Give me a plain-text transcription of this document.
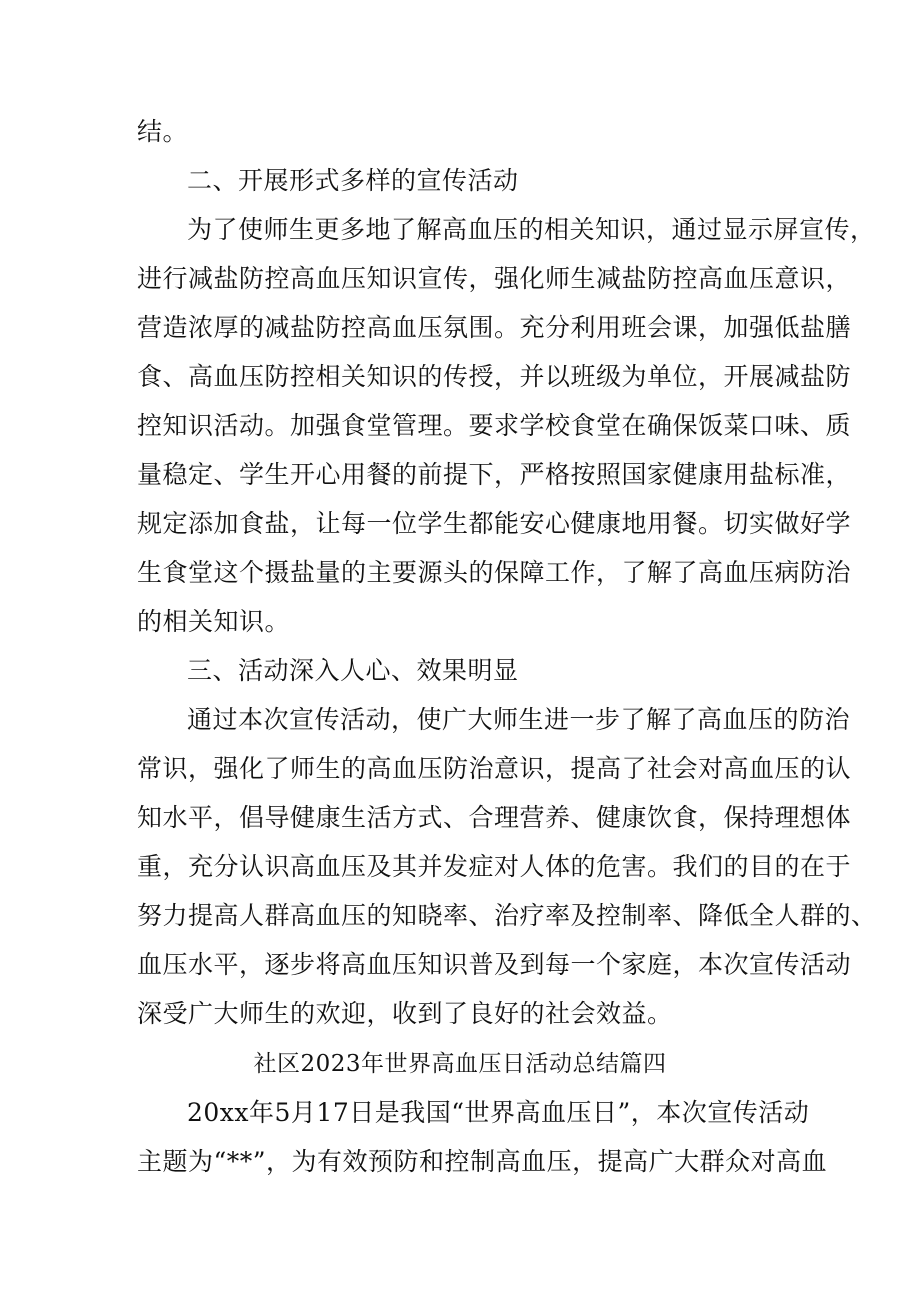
结。
二、开展形式多样的宣传活动
为了使师生更多地了解高血压的相关知识，通过显示屏宣传，
进行减盐防控高血压知识宣传，强化师生减盐防控高血压意识，
营造浓厚的减盐防控高血压氛围。充分利用班会课，加强低盐膳
食、高血压防控相关知识的传授，并以班级为单位，开展减盐防
控知识活动。加强食堂管理。要求学校食堂在确保饭菜口味、质
量稳定、学生开心用餐的前提下，严格按照国家健康用盐标准，
规定添加食盐，让每一位学生都能安心健康地用餐。切实做好学
生食堂这个摄盐量的主要源头的保障工作，了解了高血压病防治
的相关知识。
三、活动深入人心、效果明显
通过本次宣传活动，使广大师生进一步了解了高血压的防治
常识，强化了师生的高血压防治意识，提高了社会对高血压的认
知水平，倡导健康生活方式、合理营养、健康饮食，保持理想体
重，充分认识高血压及其并发症对人体的危害。我们的目的在于
努力提高人群高血压的知晓率、治疗率及控制率、降低全人群的、
血压水平，逐步将高血压知识普及到每一个家庭，本次宣传活动
深受广大师生的欢迎，收到了良好的社会效益。
社区2023年世界高血压日活动总结篇四
20xx年5月17日是我国“世界高血压日”，本次宣传活动
主题为“**”，为有效预防和控制高血压，提高广大群众对高血
